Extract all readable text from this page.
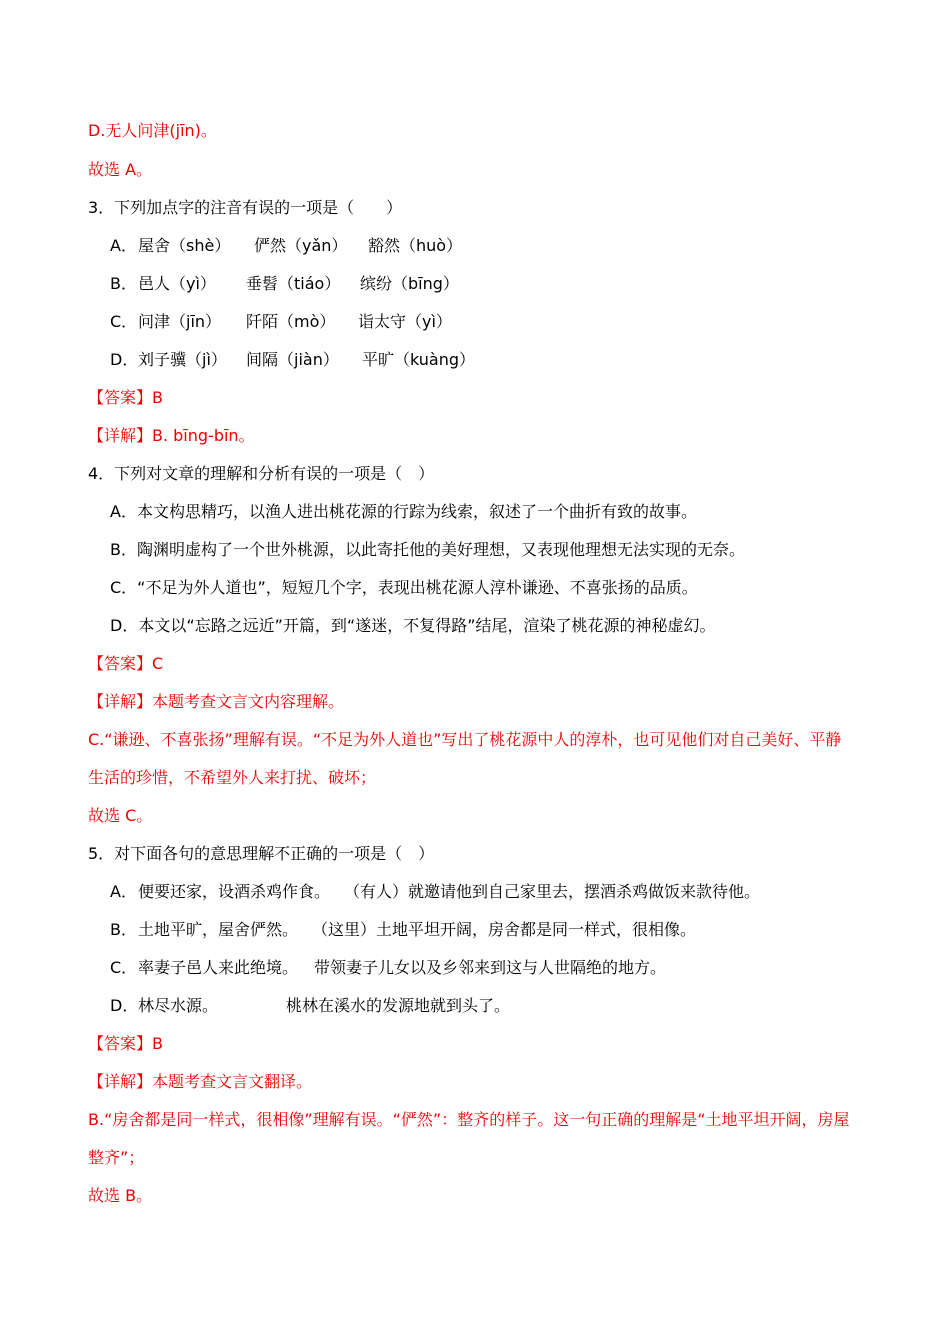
D.无人问津(jīn)。
故选 A。
3．下列加点字的注音有误的一项是（　　）
A．屋舍（shè） 俨然（yǎn） 豁然（huò）
B．邑人（yì） 垂髫（tiáo） 缤纷（bīng）
C．问津（jīn） 阡陌（mò） 诣太守（yì）
D．刘子骥（jì） 间隔（jiàn） 平旷（kuàng）
【答案】B
【详解】B. bīng-bīn。
4．下列对文章的理解和分析有误的一项是（　）
A．本文构思精巧，以渔人进出桃花源的行踪为线索，叙述了一个曲折有致的故事。
B．陶渊明虚构了一个世外桃源，以此寄托他的美好理想，又表现他理想无法实现的无奈。
C．“不足为外人道也”，短短几个字，表现出桃花源人淳朴谦逊、不喜张扬的品质。
D．本文以“忘路之远近”开篇，到“遂迷，不复得路”结尾，渲染了桃花源的神秘虚幻。
【答案】C
【详解】本题考查文言文内容理解。
C.“谦逊、不喜张扬”理解有误。“不足为外人道也”写出了桃花源中人的淳朴，也可见他们对自己美好、平静
生活的珍惜，不希望外人来打扰、破坏；
故选 C。
5．对下面各句的意思理解不正确的一项是（　）
A．便要还家，设酒杀鸡作食。 （有人）就邀请他到自己家里去，摆酒杀鸡做饭来款待他。
B．土地平旷，屋舍俨然。 （这里）土地平坦开阔，房舍都是同一样式，很相像。
C．率妻子邑人来此绝境。 带领妻子儿女以及乡邻来到这与人世隔绝的地方。
D．林尽水源。	桃林在溪水的发源地就到头了。
【答案】B
【详解】本题考查文言文翻译。
B.“房舍都是同一样式，很相像”理解有误。“俨然”：整齐的样子。这一句正确的理解是“土地平坦开阔，房屋
整齐”；
故选 B。
